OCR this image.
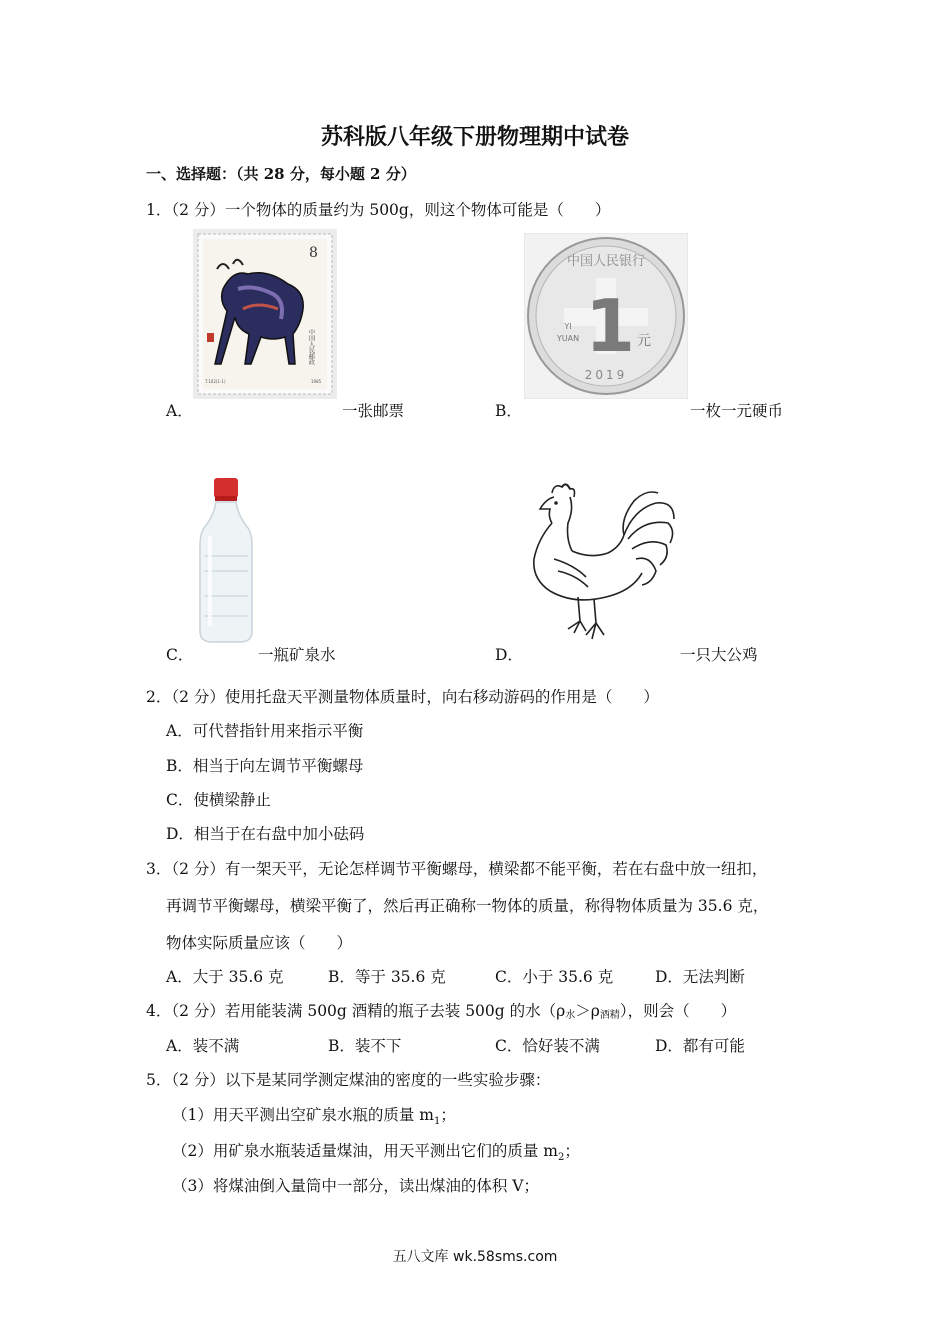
苏科版八年级下册物理期中试卷
一、选择题：（共 28 分，每小题 2 分）
1．（2 分）一个物体的质量约为 500g，则这个物体可能是（　　）
8
中国人民邮政
T.102(1-1)	1985
中国人民银行
1
YI
YUAN	元
2019
A．	一张邮票	B．	一枚一元硬币
C．	一瓶矿泉水	D．	一只大公鸡
2．（2 分）使用托盘天平测量物体质量时，向右移动游码的作用是（　　）
A．可代替指针用来指示平衡
B．相当于向左调节平衡螺母
C．使横梁静止
D．相当于在右盘中加小砝码
3．（2 分）有一架天平，无论怎样调节平衡螺母，横梁都不能平衡，若在右盘中放一纽扣，
再调节平衡螺母，横梁平衡了，然后再正确称一物体的质量，称得物体质量为 35.6 克，
物体实际质量应该（　　）
A．大于 35.6 克	B．等于 35.6 克	C．小于 35.6 克	D．无法判断
4．（2 分）若用能装满 500g 酒精的瓶子去装 500g 的水（ρ水＞ρ酒精），则会（　　）
A．装不满	B．装不下	C．恰好装不满	D．都有可能
5．（2 分）以下是某同学测定煤油的密度的一些实验步骤：
（1）用天平测出空矿泉水瓶的质量 $m_1$；
（2）用矿泉水瓶装适量煤油，用天平测出它们的质量 $m_2$；
（3）将煤油倒入量筒中一部分，读出煤油的体积 V；
五八文库 wk.58sms.com
